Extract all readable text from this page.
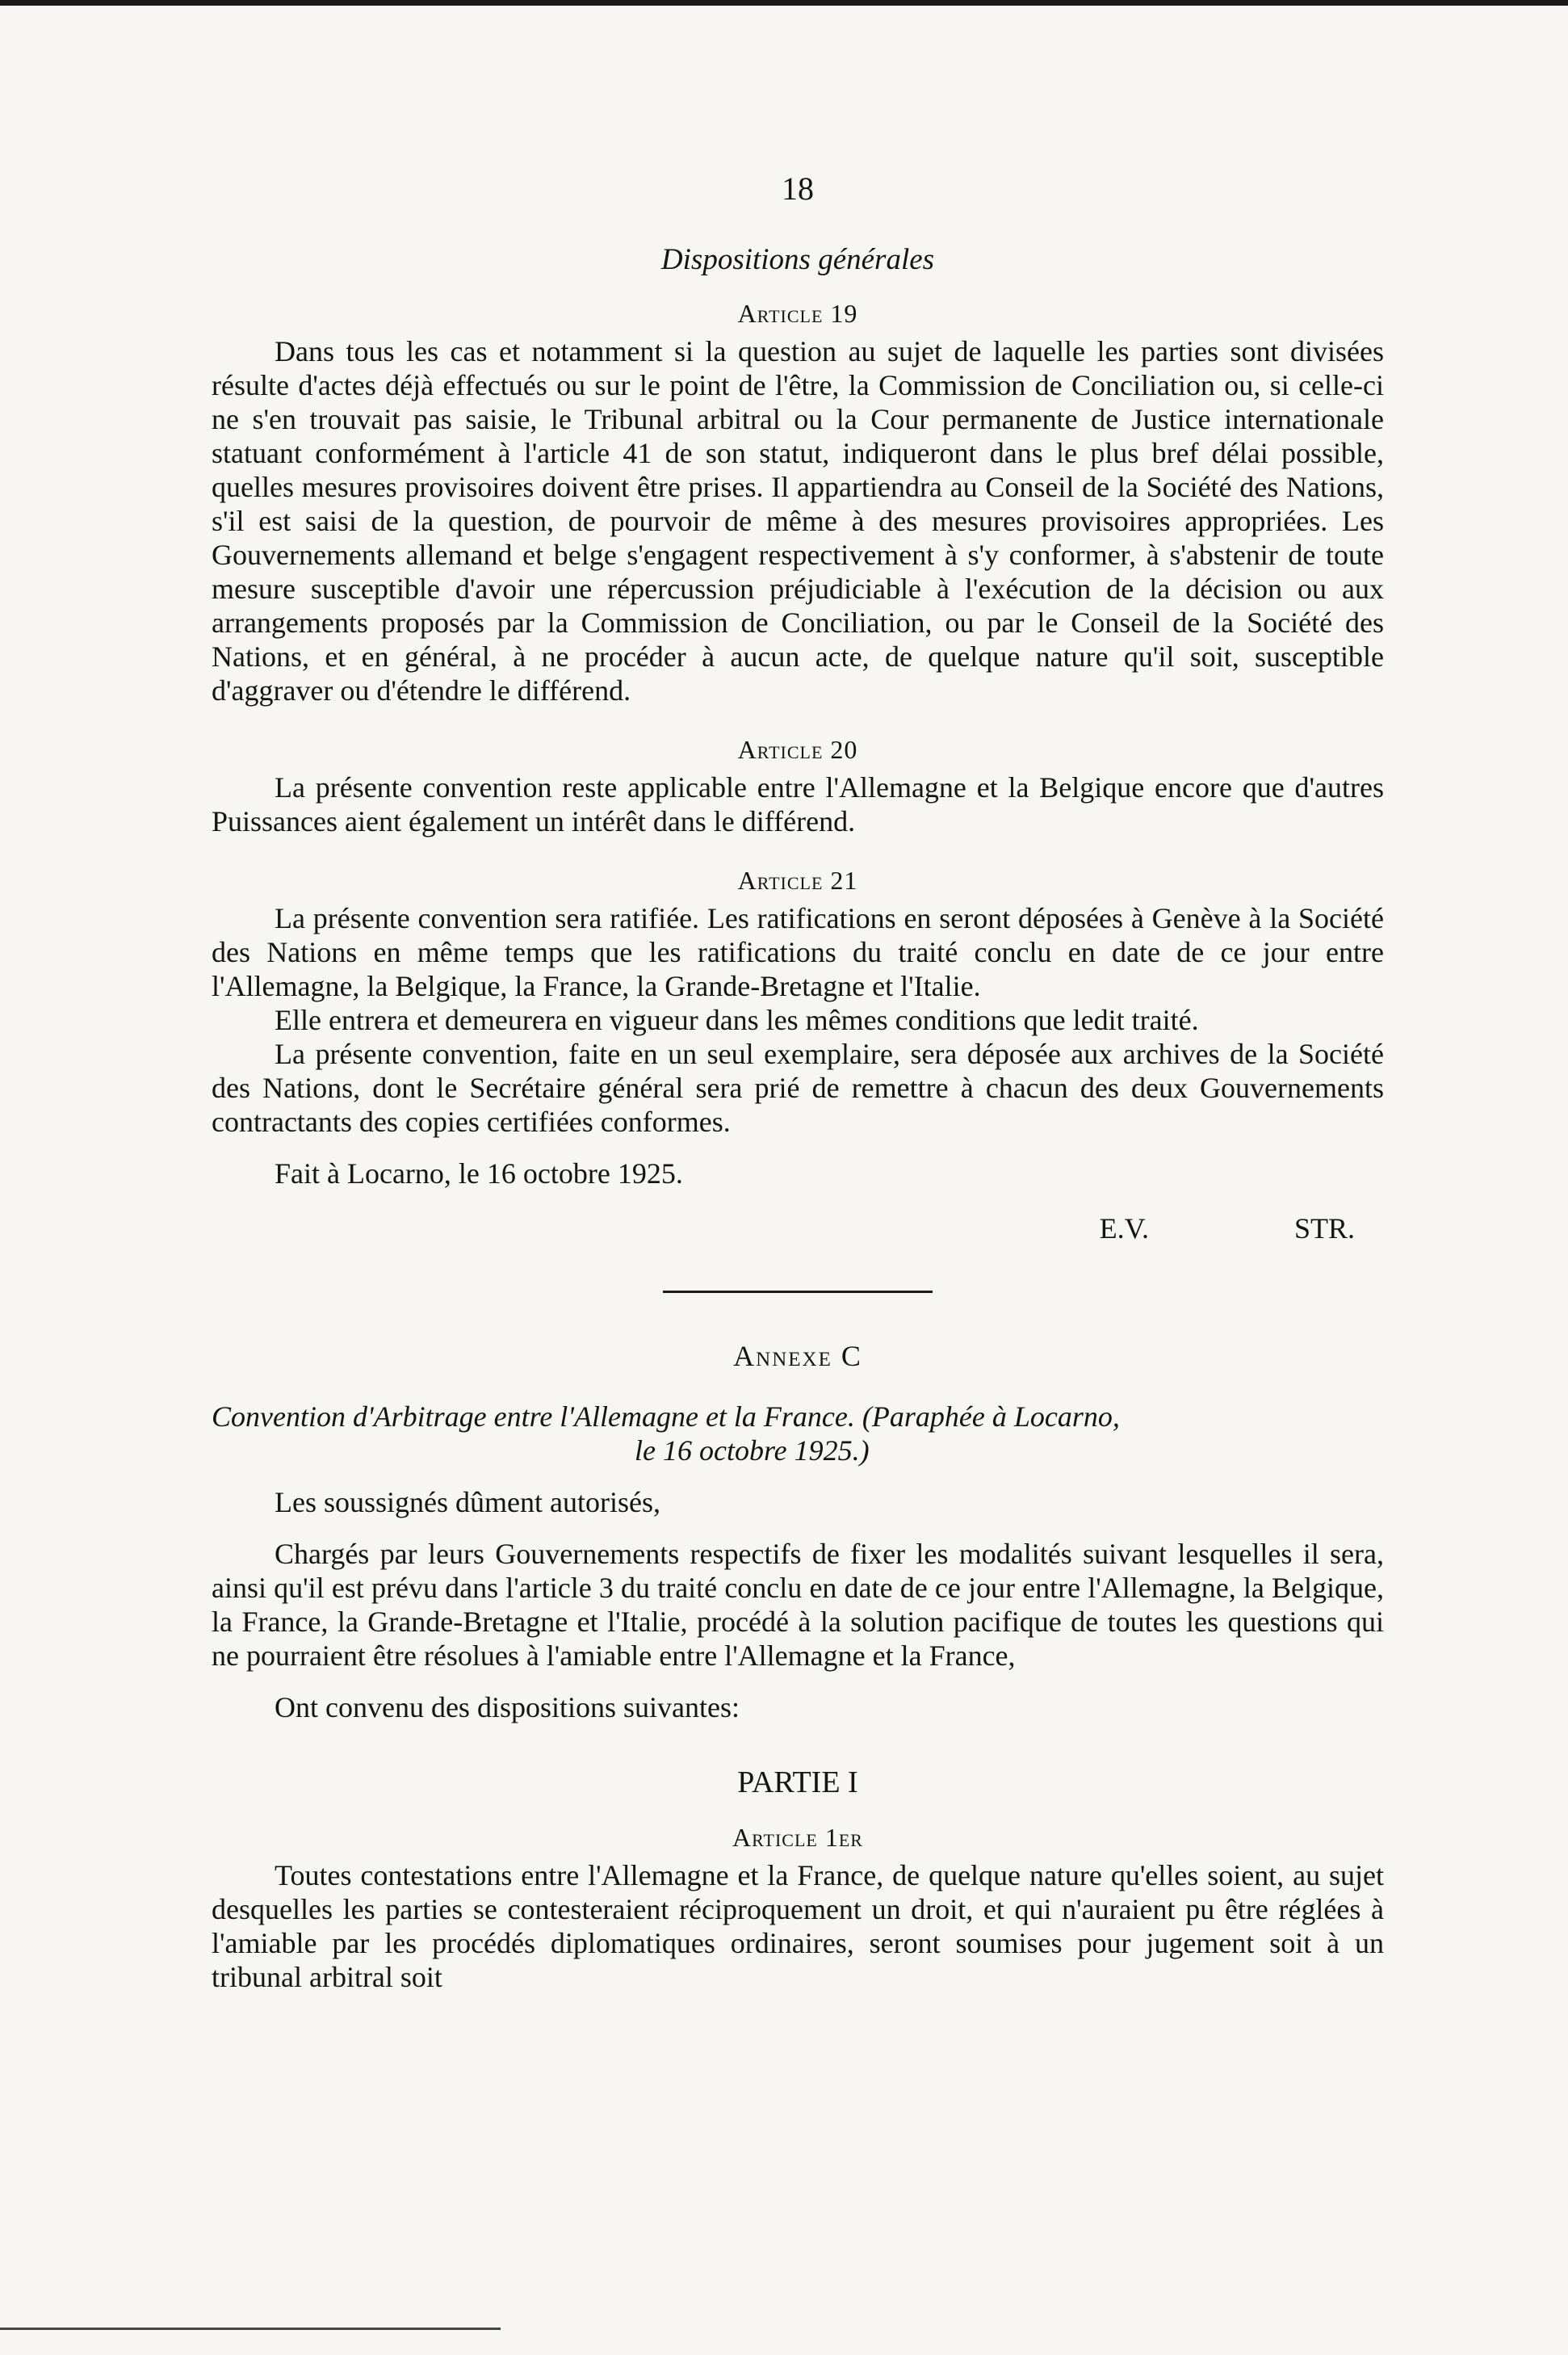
18
Dispositions générales
Article 19

Dans tous les cas et notamment si la question au sujet de laquelle les parties sont divisées résulte d'actes déjà effectués ou sur le point de l'être, la Commission de Conciliation ou, si celle-ci ne s'en trouvait pas saisie, le Tribunal arbitral ou la Cour permanente de Justice internationale statuant conformément à l'article 41 de son statut, indiqueront dans le plus bref délai possible, quelles mesures provisoires doivent être prises. Il appartiendra au Conseil de la Société des Nations, s'il est saisi de la question, de pourvoir de même à des mesures provisoires appropriées. Les Gouvernements allemand et belge s'engagent respectivement à s'y conformer, à s'abstenir de toute mesure susceptible d'avoir une répercussion préjudiciable à l'exécution de la décision ou aux arrangements proposés par la Commission de Conciliation, ou par le Conseil de la Société des Nations, et en général, à ne procéder à aucun acte, de quelque nature qu'il soit, susceptible d'aggraver ou d'étendre le différend.

Article 20

La présente convention reste applicable entre l'Allemagne et la Belgique encore que d'autres Puissances aient également un intérêt dans le différend.

Article 21

La présente convention sera ratifiée. Les ratifications en seront déposées à Genève à la Société des Nations en même temps que les ratifications du traité conclu en date de ce jour entre l'Allemagne, la Belgique, la France, la Grande-Bretagne et l'Italie.

Elle entrera et demeurera en vigueur dans les mêmes conditions que ledit traité.

La présente convention, faite en un seul exemplaire, sera déposée aux archives de la Société des Nations, dont le Secrétaire général sera prié de remettre à chacun des deux Gouvernements contractants des copies certifiées conformes.

Fait à Locarno, le 16 octobre 1925.

E.V.	STR.
Annexe C

Convention d'Arbitrage entre l'Allemagne et la France. (Paraphée à Locarno,
le 16 octobre 1925.)

Les soussignés dûment autorisés,

Chargés par leurs Gouvernements respectifs de fixer les modalités suivant lesquelles il sera, ainsi qu'il est prévu dans l'article 3 du traité conclu en date de ce jour entre l'Allemagne, la Belgique, la France, la Grande-Bretagne et l'Italie, procédé à la solution pacifique de toutes les questions qui ne pourraient être résolues à l'amiable entre l'Allemagne et la France,

Ont convenu des dispositions suivantes:

PARTIE I
Article 1er

Toutes contestations entre l'Allemagne et la France, de quelque nature qu'elles soient, au sujet desquelles les parties se contesteraient réciproquement un droit, et qui n'auraient pu être réglées à l'amiable par les procédés diplomatiques ordinaires, seront soumises pour jugement soit à un tribunal arbitral soit
